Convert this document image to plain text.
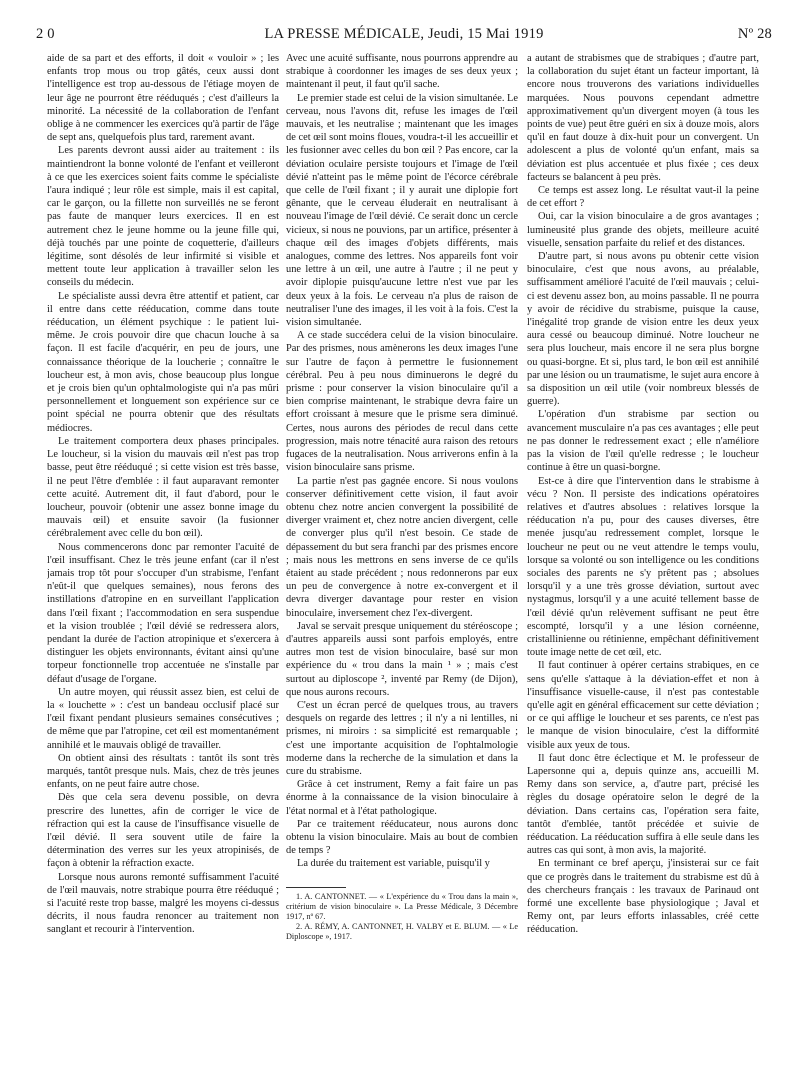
2 0	LA PRESSE MÉDICALE, Jeudi, 15 Mai 1919	Nº 28

aide de sa part et des efforts, il doit « vouloir » ; les enfants trop mous ou trop gâtés, ceux aussi dont l'intelligence est trop au-dessous de l'étiage moyen de leur âge ne pourront être rééduqués ; c'est d'ailleurs la minorité. La nécessité de la collaboration de l'enfant oblige à ne commencer les exercices qu'à partir de l'âge de sept ans, quelquefois plus tard, rarement avant.

Les parents devront aussi aider au traitement : ils maintiendront la bonne volonté de l'enfant et veilleront à ce que les exercices soient faits comme le spécialiste l'aura indiqué ; leur rôle est simple, mais il est capital, car le garçon, ou la fillette non surveillés ne se feront pas faute de manquer leurs exercices. Il en est autrement chez le jeune homme ou la jeune fille qui, déjà touchés par une pointe de coquetterie, d'ailleurs légitime, sont désolés de leur infirmité si visible et mettent toute leur application à travailler selon les conseils du médecin.

Le spécialiste aussi devra être attentif et patient, car il entre dans cette rééducation, comme dans toute rééducation, un élément psychique : le patient lui-même. Je crois pouvoir dire que chacun louche à sa façon. Il est facile d'acquérir, en peu de jours, une connaissance théorique de la loucherie ; connaître le loucheur est, à mon avis, chose beaucoup plus longue et je crois bien qu'un ophtalmologiste qui n'a pas mûri personnellement et longuement son expérience sur ce point spécial ne pourra obtenir que des résultats médiocres.

Le traitement comportera deux phases principales. Le loucheur, si la vision du mauvais œil n'est pas trop basse, peut être rééduqué ; si cette vision est très basse, il ne peut l'être d'emblée : il faut auparavant remonter cette acuité. Autrement dit, il faut d'abord, pour le loucheur, pouvoir (obtenir une assez bonne image du mauvais œil) et ensuite savoir (la fusionner cérébralement avec celle du bon œil).

Nous commencerons donc par remonter l'acuité de l'œil insuffisant. Chez le très jeune enfant (car il n'est jamais trop tôt pour s'occuper d'un strabisme, l'enfant n'eût-il que quelques semaines), nous ferons des instillations d'atropine en en surveillant l'application dans l'œil fixant ; l'accommodation en sera suspendue et la vision troublée ; l'œil dévié se redressera alors, pendant la durée de l'action atropinique et s'exercera à distinguer les objets environnants, évitant ainsi qu'une torpeur fonctionnelle trop accentuée ne s'installe par défaut d'usage de l'organe.

Un autre moyen, qui réussit assez bien, est celui de la « louchette » : c'est un bandeau occlusif placé sur l'œil fixant pendant plusieurs semaines consécutives ; de même que par l'atropine, cet œil est momentanément annihilé et le mauvais obligé de travailler.

On obtient ainsi des résultats : tantôt ils sont très marqués, tantôt presque nuls. Mais, chez de très jeunes enfants, on ne peut faire autre chose.

Dès que cela sera devenu possible, on devra prescrire des lunettes, afin de corriger le vice de réfraction qui est la cause de l'insuffisance visuelle de l'œil dévié. Il sera souvent utile de faire la détermination des verres sur les yeux atropinisés, de façon à obtenir la réfraction exacte.

Lorsque nous aurons remonté suffisamment l'acuité de l'œil mauvais, notre strabique pourra être rééduqué ; si l'acuité reste trop basse, malgré les moyens ci-dessus décrits, il nous faudra renoncer au traitement non sanglant et recourir à l'intervention.

Avec une acuité suffisante, nous pourrons apprendre au strabique à coordonner les images de ses deux yeux ; maintenant il peut, il faut qu'il sache.

Le premier stade est celui de la vision simultanée. Le cerveau, nous l'avons dit, refuse les images de l'œil mauvais, et les neutralise ; maintenant que les images de cet œil sont moins floues, voudra-t-il les accueillir et les fusionner avec celles du bon œil ? Pas encore, car la déviation oculaire persiste toujours et l'image de l'œil dévié n'atteint pas le même point de l'écorce cérébrale que celle de l'œil fixant ; il y aurait une diplopie fort gênante, que le cerveau éluderait en neutralisant à nouveau l'image de l'œil dévié. Ce serait donc un cercle vicieux, si nous ne pouvions, par un artifice, présenter à chaque œil des images d'objets différents, mais analogues, comme des lettres. Nos appareils font voir une lettre à un œil, une autre à l'autre ; il ne peut y avoir diplopie puisqu'aucune lettre n'est vue par les deux yeux à la fois. Le cerveau n'a plus de raison de neutraliser l'une des images, il les voit à la fois. C'est la vision simultanée.

A ce stade succédera celui de la vision binoculaire. Par des prismes, nous amènerons les deux images l'une sur l'autre de façon à permettre le fusionnement cérébral. Peu à peu nous diminuerons le degré du prisme : pour conserver la vision binoculaire qu'il a bien comprise maintenant, le strabique devra faire un effort croissant à mesure que le prisme sera diminué. Certes, nous aurons des périodes de recul dans cette progression, mais notre ténacité aura raison des retours fugaces de la neutralisation. Nous arriverons enfin à la vision binoculaire sans prisme.

La partie n'est pas gagnée encore. Si nous voulons conserver définitivement cette vision, il faut avoir obtenu chez notre ancien convergent la possibilité de diverger vraiment et, chez notre ancien divergent, celle de converger plus qu'il n'est besoin. Ce stade de dépassement du but sera franchi par des prismes encore ; mais nous les mettrons en sens inverse de ce qu'ils étaient au stade précédent ; nous redonnerons par eux un peu de convergence à notre ex-convergent et il devra diverger davantage pour rester en vision binoculaire, inversement chez l'ex-divergent.

Javal se servait presque uniquement du stéréoscope ; d'autres appareils aussi sont parfois employés, entre autres mon test de vision binoculaire, basé sur mon expérience du « trou dans la main ¹ » ; mais c'est surtout au diploscope ², inventé par Remy (de Dijon), que nous aurons recours.

C'est un écran percé de quelques trous, au travers desquels on regarde des lettres ; il n'y a ni lentilles, ni prismes, ni miroirs : sa simplicité est remarquable ; c'est une importante acquisition de l'ophtalmologie moderne dans la recherche de la simulation et dans la cure du strabisme.

Grâce à cet instrument, Remy a fait faire un pas énorme à la connaissance de la vision binoculaire à l'état normal et à l'état pathologique.

Par ce traitement rééducateur, nous aurons donc obtenu la vision binoculaire. Mais au bout de combien de temps ?

La durée du traitement est variable, puisqu'il y

a autant de strabismes que de strabiques ; d'autre part, la collaboration du sujet étant un facteur important, là encore nous trouverons des variations individuelles marquées. Nous pouvons cependant admettre approximativement qu'un divergent moyen (à tous les points de vue) peut être guéri en six à douze mois, alors qu'il en faut douze à dix-huit pour un convergent. Un adolescent a plus de volonté qu'un enfant, mais sa déviation est plus accentuée et plus fixée ; ces deux facteurs se balancent à peu près.

Ce temps est assez long. Le résultat vaut-il la peine de cet effort ?

Oui, car la vision binoculaire a de gros avantages ; lumineusité plus grande des objets, meilleure acuité visuelle, sensation parfaite du relief et des distances.

D'autre part, si nous avons pu obtenir cette vision binoculaire, c'est que nous avons, au préalable, suffisamment amélioré l'acuité de l'œil mauvais ; celui-ci est devenu assez bon, au moins passable. Il ne pourra y avoir de récidive du strabisme, puisque la cause, l'inégalité trop grande de vision entre les deux yeux aura cessé ou beaucoup diminué. Notre loucheur ne sera plus loucheur, mais encore il ne sera plus borgne ou quasi-borgne. Et si, plus tard, le bon œil est annihilé par une lésion ou un traumatisme, le sujet aura encore à sa disposition un œil utile (voir nombreux blessés de guerre).

L'opération d'un strabisme par section ou avancement musculaire n'a pas ces avantages ; elle peut ne pas donner le redressement exact ; elle n'améliore pas la vision de l'œil qu'elle redresse ; le loucheur continue à être un quasi-borgne.

Est-ce à dire que l'intervention dans le strabisme à vécu ? Non. Il persiste des indications opératoires relatives et d'autres absolues : relatives lorsque la rééducation n'a pu, pour des causes diverses, être menée jusqu'au redressement complet, lorsque le loucheur ne peut ou ne veut attendre le temps voulu, lorsque sa volonté ou son intelligence ou les conditions sociales des parents ne s'y prêtent pas ; absolues lorsqu'il y a une très grosse déviation, surtout avec nystagmus, lorsqu'il y a une acuité tellement basse de l'œil dévié qu'un relèvement suffisant ne peut être escompté, lorsqu'il y a une lésion cornéenne, cristallinienne ou rétinienne, empêchant définitivement toute image nette de cet œil, etc.

Il faut continuer à opérer certains strabiques, en ce sens qu'elle s'attaque à la déviation-effet et non à l'insuffisance visuelle-cause, il n'est pas contestable qu'elle agit en général efficacement sur cette déviation ; or ce qui afflige le loucheur et ses parents, ce n'est pas le manque de vision binoculaire, c'est la difformité visible aux yeux de tous.

Il faut donc être éclectique et M. le professeur de Lapersonne qui a, depuis quinze ans, accueilli M. Remy dans son service, a, d'autre part, précisé les règles du dosage opératoire selon le degré de la déviation. Dans certains cas, l'opération sera faite, tantôt d'emblée, tantôt précédée et suivie de rééducation. La rééducation suffira à elle seule dans les autres cas qui sont, à mon avis, la majorité.

En terminant ce bref aperçu, j'insisterai sur ce fait que ce progrès dans le traitement du strabisme est dû à des chercheurs français : les travaux de Parinaud ont formé une excellente base physiologique ; Javal et Remy ont, par leurs efforts inlassables, créé cette rééducation.

1. A. CANTONNET. — « L'expérience du « Trou dans la main », critérium de vision binoculaire ». La Presse Médicale, 3 Décembre 1917, nº 67.

2. A. RÉMY, A. CANTONNET, H. VALBY et E. BLUM. — « Le Diploscope », 1917.
